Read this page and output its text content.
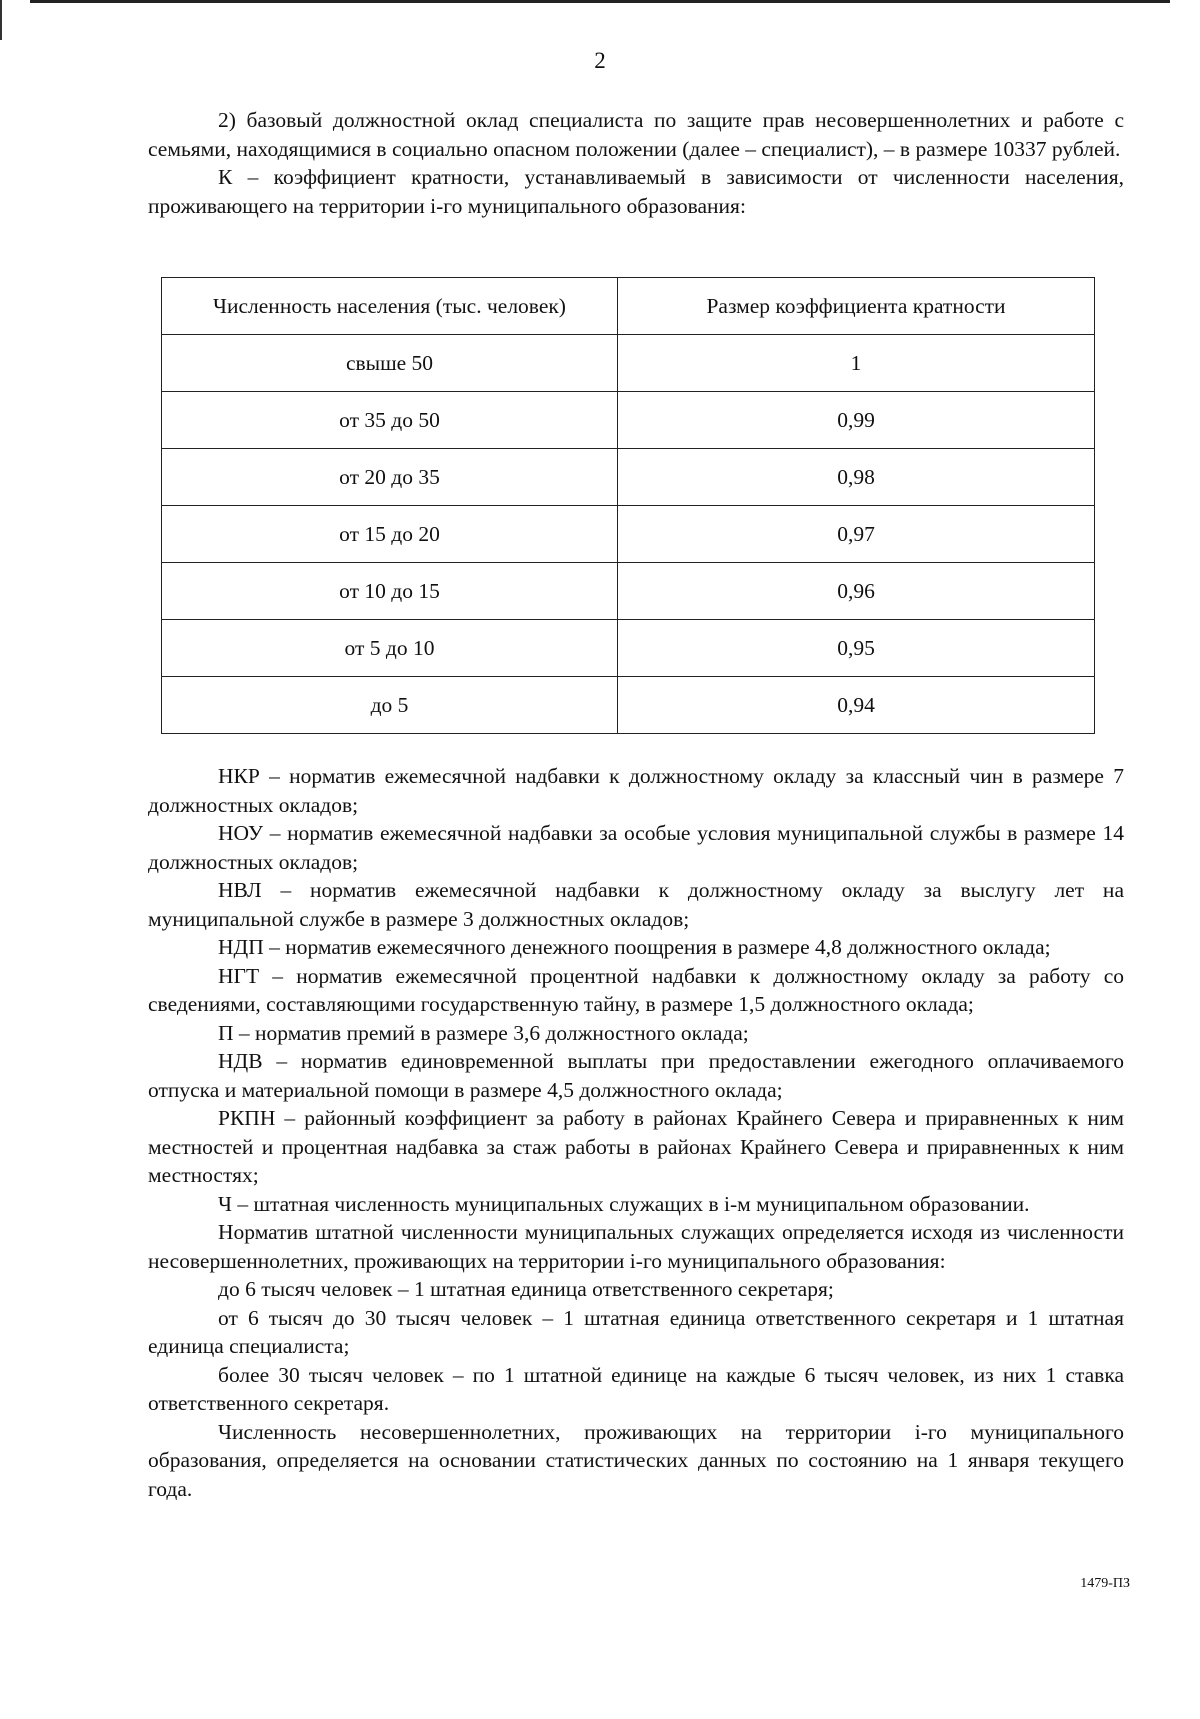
2

2) базовый должностной оклад специалиста по защите прав несовершеннолетних и работе с семьями, находящимися в социально опасном положении (далее – специалист), – в размере 10337 рублей.

К – коэффициент кратности, устанавливаемый в зависимости от численности населения, проживающего на территории i-го муниципального образования:

Численность населения (тыс. человек)	Размер коэффициента кратности
свыше 50	1
от 35 до 50	0,99
от 20 до 35	0,98
от 15 до 20	0,97
от 10 до 15	0,96
от 5 до 10	0,95
до 5	0,94

НКР – норматив ежемесячной надбавки к должностному окладу за классный чин в размере 7 должностных окладов;

НОУ – норматив ежемесячной надбавки за особые условия муниципальной службы в размере 14 должностных окладов;

НВЛ – норматив ежемесячной надбавки к должностному окладу за выслугу лет на муниципальной службе в размере 3 должностных окладов;

НДП – норматив ежемесячного денежного поощрения в размере 4,8 должностного оклада;

НГТ – норматив ежемесячной процентной надбавки к должностному окладу за работу со сведениями, составляющими государственную тайну, в размере 1,5 должностного оклада;

П – норматив премий в размере 3,6 должностного оклада;

НДВ – норматив единовременной выплаты при предоставлении ежегодного оплачиваемого отпуска и материальной помощи в размере 4,5 должностного оклада;

РКПН – районный коэффициент за работу в районах Крайнего Севера и приравненных к ним местностей и процентная надбавка за стаж работы в районах Крайнего Севера и приравненных к ним местностях;

Ч – штатная численность муниципальных служащих в i-м муниципальном образовании.

Норматив штатной численности муниципальных служащих определяется исходя из численности несовершеннолетних, проживающих на территории i-го муниципального образования:

до 6 тысяч человек – 1 штатная единица ответственного секретаря;

от 6 тысяч до 30 тысяч человек – 1 штатная единица ответственного секретаря и 1 штатная единица специалиста;

более 30 тысяч человек – по 1 штатной единице на каждые 6 тысяч человек, из них 1 ставка ответственного секретаря.

Численность несовершеннолетних, проживающих на территории i-го муниципального образования, определяется на основании статистических данных по состоянию на 1 января текущего года.

1479-ПЗ
